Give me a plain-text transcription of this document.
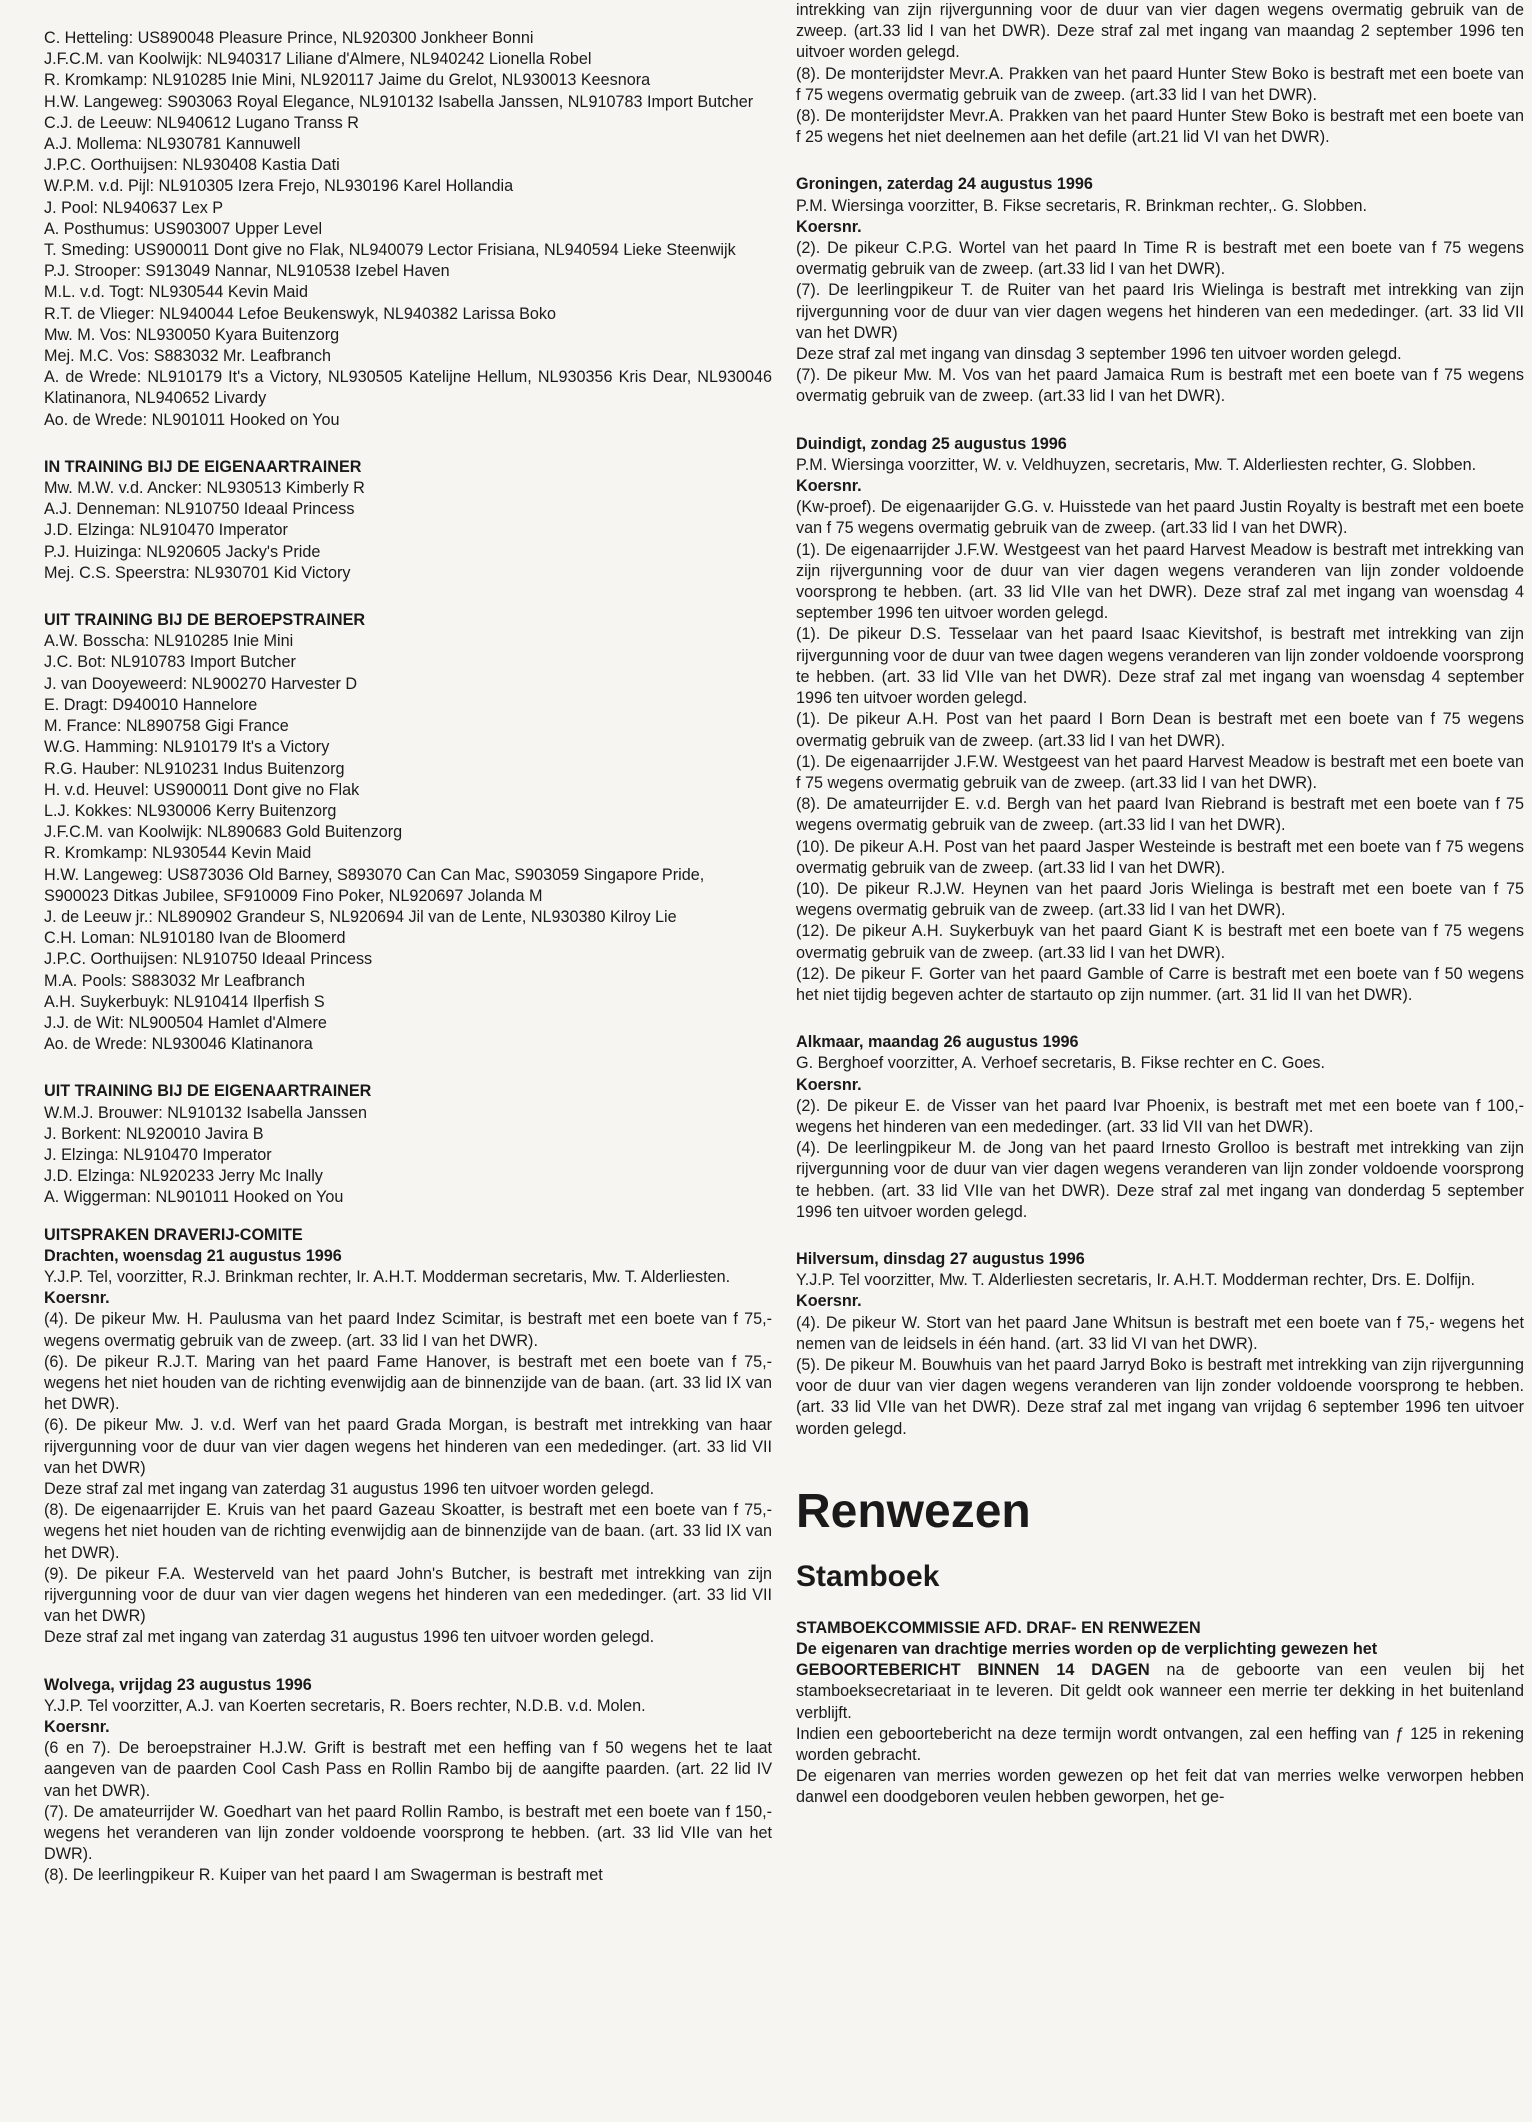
C. Hetteling: US890048 Pleasure Prince, NL920300 Jonkheer Bonni

J.F.C.M. van Koolwijk: NL940317 Liliane d'Almere, NL940242 Lionella Robel

R. Kromkamp: NL910285 Inie Mini, NL920117 Jaime du Grelot, NL930013 Keesnora

H.W. Langeweg: S903063 Royal Elegance, NL910132 Isabella Janssen, NL910783 Import Butcher

C.J. de Leeuw: NL940612 Lugano Transs R

A.J. Mollema: NL930781 Kannuwell

J.P.C. Oorthuijsen: NL930408 Kastia Dati

W.P.M. v.d. Pijl: NL910305 Izera Frejo, NL930196 Karel Hollandia

J. Pool: NL940637 Lex P

A. Posthumus: US903007 Upper Level

T. Smeding: US900011 Dont give no Flak, NL940079 Lector Frisiana, NL940594 Lieke Steenwijk

P.J. Strooper: S913049 Nannar, NL910538 Izebel Haven

M.L. v.d. Togt: NL930544 Kevin Maid

R.T. de Vlieger: NL940044 Lefoe Beukenswyk, NL940382 Larissa Boko

Mw. M. Vos: NL930050 Kyara Buitenzorg

Mej. M.C. Vos: S883032 Mr. Leafbranch

A. de Wrede: NL910179 It's a Victory, NL930505 Katelijne Hellum, NL930356 Kris Dear, NL930046 Klatinanora, NL940652 Livardy

Ao. de Wrede: NL901011 Hooked on You

IN TRAINING BIJ DE EIGENAARTRAINER

Mw. M.W. v.d. Ancker: NL930513 Kimberly R

A.J. Denneman: NL910750 Ideaal Princess

J.D. Elzinga: NL910470 Imperator

P.J. Huizinga: NL920605 Jacky's Pride

Mej. C.S. Speerstra: NL930701 Kid Victory

UIT TRAINING BIJ DE BEROEPSTRAINER

A.W. Bosscha: NL910285 Inie Mini

J.C. Bot: NL910783 Import Butcher

J. van Dooyeweerd: NL900270 Harvester D

E. Dragt: D940010 Hannelore

M. France: NL890758 Gigi France

W.G. Hamming: NL910179 It's a Victory

R.G. Hauber: NL910231 Indus Buitenzorg

H. v.d. Heuvel: US900011 Dont give no Flak

L.J. Kokkes: NL930006 Kerry Buitenzorg

J.F.C.M. van Koolwijk: NL890683 Gold Buitenzorg

R. Kromkamp: NL930544 Kevin Maid

H.W. Langeweg: US873036 Old Barney, S893070 Can Can Mac, S903059 Singapore Pride,

S900023 Ditkas Jubilee, SF910009 Fino Poker, NL920697 Jolanda M

J. de Leeuw jr.: NL890902 Grandeur S, NL920694 Jil van de Lente, NL930380 Kilroy Lie

C.H. Loman: NL910180 Ivan de Bloomerd

J.P.C. Oorthuijsen: NL910750 Ideaal Princess

M.A. Pools: S883032 Mr Leafbranch

A.H. Suykerbuyk: NL910414 Ilperfish S

J.J. de Wit: NL900504 Hamlet d'Almere

Ao. de Wrede: NL930046 Klatinanora

UIT TRAINING BIJ DE EIGENAARTRAINER

W.M.J. Brouwer: NL910132 Isabella Janssen

J. Borkent: NL920010 Javira B

J. Elzinga: NL910470 Imperator

J.D. Elzinga: NL920233 Jerry Mc Inally

A. Wiggerman: NL901011 Hooked on You

UITSPRAKEN DRAVERIJ-COMITE

Drachten, woensdag 21 augustus 1996

Y.J.P. Tel, voorzitter, R.J. Brinkman rechter, Ir. A.H.T. Modderman secretaris, Mw. T. Alderliesten.

Koersnr.

(4). De pikeur Mw. H. Paulusma van het paard Indez Scimitar, is bestraft met een boete van f 75,- wegens overmatig gebruik van de zweep. (art. 33 lid I van het DWR).

(6). De pikeur R.J.T. Maring van het paard Fame Hanover, is bestraft met een boete van f 75,- wegens het niet houden van de richting evenwijdig aan de binnenzijde van de baan. (art. 33 lid IX van het DWR).

(6). De pikeur Mw. J. v.d. Werf van het paard Grada Morgan, is bestraft met intrekking van haar rijvergunning voor de duur van vier dagen wegens het hinderen van een mededinger. (art. 33 lid VII van het DWR)

Deze straf zal met ingang van zaterdag 31 augustus 1996 ten uitvoer worden gelegd.

(8). De eigenaarrijder E. Kruis van het paard Gazeau Skoatter, is bestraft met een boete van f 75,- wegens het niet houden van de richting evenwijdig aan de binnenzijde van de baan. (art. 33 lid IX van het DWR).

(9). De pikeur F.A. Westerveld van het paard John's Butcher, is bestraft met intrekking van zijn rijvergunning voor de duur van vier dagen wegens het hinderen van een mededinger. (art. 33 lid VII van het DWR)

Deze straf zal met ingang van zaterdag 31 augustus 1996 ten uitvoer worden gelegd.

Wolvega, vrijdag 23 augustus 1996

Y.J.P. Tel voorzitter, A.J. van Koerten secretaris, R. Boers rechter, N.D.B. v.d. Molen.

Koersnr.

(6 en 7). De beroepstrainer H.J.W. Grift is bestraft met een heffing van f 50 wegens het te laat aangeven van de paarden Cool Cash Pass en Rollin Rambo bij de aangifte paarden. (art. 22 lid IV van het DWR).

(7). De amateurrijder W. Goedhart van het paard Rollin Rambo, is bestraft met een boete van f 150,- wegens het veranderen van lijn zonder voldoende voorsprong te hebben. (art. 33 lid VIIe van het DWR).

(8). De leerlingpikeur R. Kuiper van het paard I am Swagerman is bestraft met

intrekking van zijn rijvergunning voor de duur van vier dagen wegens overmatig gebruik van de zweep. (art.33 lid I van het DWR). Deze straf zal met ingang van maandag 2 september 1996 ten uitvoer worden gelegd.

(8). De monterijdster Mevr.A. Prakken van het paard Hunter Stew Boko is bestraft met een boete van f 75 wegens overmatig gebruik van de zweep. (art.33 lid I van het DWR).

(8). De monterijdster Mevr.A. Prakken van het paard Hunter Stew Boko is bestraft met een boete van f 25 wegens het niet deelnemen aan het defile (art.21 lid VI van het DWR).

Groningen, zaterdag 24 augustus 1996

P.M. Wiersinga voorzitter, B. Fikse secretaris, R. Brinkman rechter,. G. Slobben.

Koersnr.

(2). De pikeur C.P.G. Wortel van het paard In Time R is bestraft met een boete van f 75 wegens overmatig gebruik van de zweep. (art.33 lid I van het DWR).

(7). De leerlingpikeur T. de Ruiter van het paard Iris Wielinga is bestraft met intrekking van zijn rijvergunning voor de duur van vier dagen wegens het hinderen van een mededinger. (art. 33 lid VII van het DWR)

Deze straf zal met ingang van dinsdag 3 september 1996 ten uitvoer worden gelegd.

(7). De pikeur Mw. M. Vos van het paard Jamaica Rum is bestraft met een boete van f 75 wegens overmatig gebruik van de zweep. (art.33 lid I van het DWR).

Duindigt, zondag 25 augustus 1996

P.M. Wiersinga voorzitter, W. v. Veldhuyzen, secretaris, Mw. T. Alderliesten rechter, G. Slobben.

Koersnr.

(Kw-proef). De eigenaarijder G.G. v. Huisstede van het paard Justin Royalty is bestraft met een boete van f 75 wegens overmatig gebruik van de zweep. (art.33 lid I van het DWR).

(1). De eigenaarrijder J.F.W. Westgeest van het paard Harvest Meadow is bestraft met intrekking van zijn rijvergunning voor de duur van vier dagen wegens veranderen van lijn zonder voldoende voorsprong te hebben. (art. 33 lid VIIe van het DWR). Deze straf zal met ingang van woensdag 4 september 1996 ten uitvoer worden gelegd.

(1). De pikeur D.S. Tesselaar van het paard Isaac Kievitshof, is bestraft met intrekking van zijn rijvergunning voor de duur van twee dagen wegens veranderen van lijn zonder voldoende voorsprong te hebben. (art. 33 lid VIIe van het DWR). Deze straf zal met ingang van woensdag 4 september 1996 ten uitvoer worden gelegd.

(1). De pikeur A.H. Post van het paard I Born Dean is bestraft met een boete van f 75 wegens overmatig gebruik van de zweep. (art.33 lid I van het DWR).

(1). De eigenaarrijder J.F.W. Westgeest van het paard Harvest Meadow is bestraft met een boete van f 75 wegens overmatig gebruik van de zweep. (art.33 lid I van het DWR).

(8). De amateurrijder E. v.d. Bergh van het paard Ivan Riebrand is bestraft met een boete van f 75 wegens overmatig gebruik van de zweep. (art.33 lid I van het DWR).

(10). De pikeur A.H. Post van het paard Jasper Westeinde is bestraft met een boete van f 75 wegens overmatig gebruik van de zweep. (art.33 lid I van het DWR).

(10). De pikeur R.J.W. Heynen van het paard Joris Wielinga is bestraft met een boete van f 75 wegens overmatig gebruik van de zweep. (art.33 lid I van het DWR).

(12). De pikeur A.H. Suykerbuyk van het paard Giant K is bestraft met een boete van f 75 wegens overmatig gebruik van de zweep. (art.33 lid I van het DWR).

(12). De pikeur F. Gorter van het paard Gamble of Carre is bestraft met een boete van f 50 wegens het niet tijdig begeven achter de startauto op zijn nummer. (art. 31 lid II van het DWR).

Alkmaar, maandag 26 augustus 1996

G. Berghoef voorzitter, A. Verhoef secretaris, B. Fikse rechter en C. Goes.

Koersnr.

(2). De pikeur E. de Visser van het paard Ivar Phoenix, is bestraft met met een boete van f 100,- wegens het hinderen van een mededinger. (art. 33 lid VII van het DWR).

(4). De leerlingpikeur M. de Jong van het paard Irnesto Grolloo is bestraft met intrekking van zijn rijvergunning voor de duur van vier dagen wegens veranderen van lijn zonder voldoende voorsprong te hebben. (art. 33 lid VIIe van het DWR). Deze straf zal met ingang van donderdag 5 september 1996 ten uitvoer worden gelegd.

Hilversum, dinsdag 27 augustus 1996

Y.J.P. Tel voorzitter, Mw. T. Alderliesten secretaris, Ir. A.H.T. Modderman rechter, Drs. E. Dolfijn.

Koersnr.

(4). De pikeur W. Stort van het paard Jane Whitsun is bestraft met een boete van f 75,- wegens het nemen van de leidsels in één hand. (art. 33 lid VI van het DWR).

(5). De pikeur M. Bouwhuis van het paard Jarryd Boko is bestraft met intrekking van zijn rijvergunning voor de duur van vier dagen wegens veranderen van lijn zonder voldoende voorsprong te hebben. (art. 33 lid VIIe van het DWR). Deze straf zal met ingang van vrijdag 6 september 1996 ten uitvoer worden gelegd.

Renwezen
Stamboek

STAMBOEKCOMMISSIE AFD. DRAF- EN RENWEZEN

De eigenaren van drachtige merries worden op de verplichting gewezen het
GEBOORTEBERICHT BINNEN 14 DAGEN na de geboorte van een veulen bij het stamboeksecretariaat in te leveren. Dit geldt ook wanneer een merrie ter dekking in het buitenland verblijft.

Indien een geboortebericht na deze termijn wordt ontvangen, zal een heffing van ƒ 125 in rekening worden gebracht.

De eigenaren van merries worden gewezen op het feit dat van merries welke verworpen hebben danwel een doodgeboren veulen hebben geworpen, het ge-
